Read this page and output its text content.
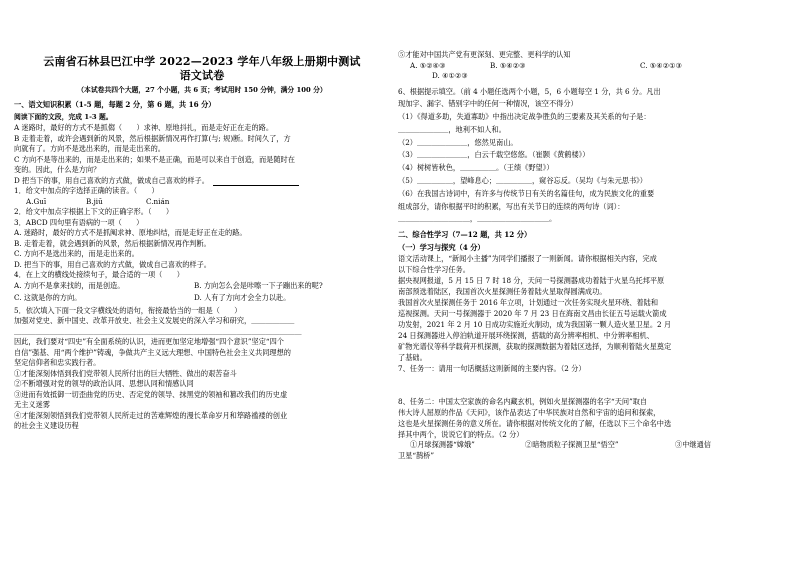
云南省石林县巴江中学 2022—2023 学年八年级上册期中测试
语文试卷
（本试卷共四个大题，27 个小题，共 6 页；考试用时 150 分钟，满分 100 分）
一、语文知识积累（1-5 题，每题 2 分，第 6 题，共 16 分）
阅读下面的文段，完成 1-3 题。
A 迷路时，最好的方式不是抓㑳（　　）求神、原地抖扎，而是走好正在走的路。
B 走着走着，或许会遇到新的风景，然后根据新情况再作打算(与; 规)断。时间久了，方
向就有了。方向不是选出来的，而是走出来的。
C 方向不是等出来的，而是走出来的；如果不是正确，而是可以来自于创造，而是随时在
变的。因此，什么是方向？
D 把当下的事，用自己喜欢的方式做，做成自己喜欢的样子。　
1．给文中加点的字选择正确的读音。（　　）
A.Guī	B.jiū	C.nián
2．给文中加点字根据上下文的正确字形。（　　）
3．ABCD 四句里有语病的一项（　　）
A. 迷路时，最好的方式不是抓阄求神、原地纠结，而是走好正在走的路。
B. 走着走着，就会遇到新的风景，然后根据新情况再作判断。
C. 方向不是选出来的，而是走出来的。
D. 把当下的事，用自己喜欢的方式做，做成自己喜欢的样子。
4．在上文的横线处接续句子，最合适的一项（　　）
A. 方向不是拿来找的，而是创造。	B. 方向怎么会是咔嚓一下子蹦出来的呢?
C. 这就是你的方向。	D. 人有了方向才会全力以赴。
5．依次填入下面一段文字横线处的语句，衔接最恰当的一组是（　　）
加强对党史、新中国史、改革开放史、社会主义发展史的深入学习和研究，＿＿＿＿＿＿
＿＿＿＿＿＿＿＿＿＿＿＿＿＿＿＿＿＿＿＿＿＿＿＿＿＿＿＿＿＿＿＿＿＿＿＿＿＿＿＿
因此，我们要对“四史”有全面系统的认识，进而更加坚定地增强“四个意识”坚定“四个
自信”强基、用“两个维护”铸魂，争做共产主义远大理想、中国特色社会主义共同理想的
坚定信仰者和忠实践行者。
①才能深刻体悟到我们党带领人民所付出的巨大牺牲、做出的艰苦奋斗
②不断增强对党的领导的政治认同、思想认同和情感认同
③进而有效抵御一切歪曲党的历史、否定党的领导、抹黑党的领袖和篡改我们的历史虚
无主义迷雾
④才能深刻领悟到我们党带领人民所走过的苦难辉煌的漫长革命岁月和筚路褴褛的创业
的社会主义建设历程
⑤才能对中国共产党有更深刻、更完整、更科学的认知
A. ⑤②④③	B. ⑤④②③	C. ⑤④②①③
D. ④①②③
6、根据提示填空。（前 4 小题任选两个小题，5，6 小题每空 1 分，共 6 分。凡出
现加字、漏字、错别字中的任何一种情况，该空不得分）
（1）《得道多助，失道寡助》中指出决定战争胜负的三要素及其关系的句子是：
＿＿＿＿＿＿＿，地利不如人和。
（2）＿＿＿＿＿＿＿，悠然见南山。
（3）＿＿＿＿＿＿＿，白云千载空悠悠。（崔颢《黄鹤楼》）
（4）树树皆秋色，＿＿＿＿＿。（王绩《野望》）
（5）＿＿＿＿＿，望峰息心；＿＿＿＿＿，窥谷忘反。（吴均《与朱元思书》）
（6）在我国古诗词中，有许多与传统节日有关的名篇佳句，成为民族文化的重要
组成部分，请你根据平时的积累，写出有关节日的连续的两句诗（词）：
＿＿＿＿＿＿＿＿＿＿，＿＿＿＿＿＿＿＿＿＿。
二、综合性学习（7—12 题，共 12 分）
（一）学习与探究（4 分）
语文活动课上，“新闻小主播”为同学们播报了一则新闻。请你根据相关内容，完成
以下综合性学习任务。
据央视网报道，5 月 15 日 7 时 18 分，天问一号探测器成功着陆于火星乌托邦平原
南部预选着陆区，我国首次火星探测任务着陆火星取得圆满成功。
我国首次火星探测任务于 2016 年立项，计划通过一次任务实现火星环绕、着陆和
巡视探测。天问一号探测器于 2020 年 7 月 23 日在海南文昌由长征五号运载火箭成
功发射，2021 年 2 月 10 日成功实施近火制动，成为我国第一颗人造火星卫星。2 月
24 日探测器进入停泊轨道开展环绕探测，搭载的高分辨率相机、中分辨率相机、
矿物光谱仪等科学载荷开机探测，获取的探测数据为着陆区选择，为顺利着陆火星奠定
了基础。
7、任务一：请用一句话概括这则新闻的主要内容。（2 分）
8、任务二：中国太空家族的命名内藏玄机，例如火星探测器的名字“天问”取自
伟大诗人屈原的作品《天问》，该作品表达了中华民族对自然和宇宙的追问和探索，
这也是火星探测任务的意义所在。请你根据对传统文化的了解，任选以下三个命名中选
择其中两个，说说它们的特点。（2 分）
①月球探测器“嫦娥”	②暗物质粒子探测卫星“悟空”	③中继通信
卫星“鹊桥”
